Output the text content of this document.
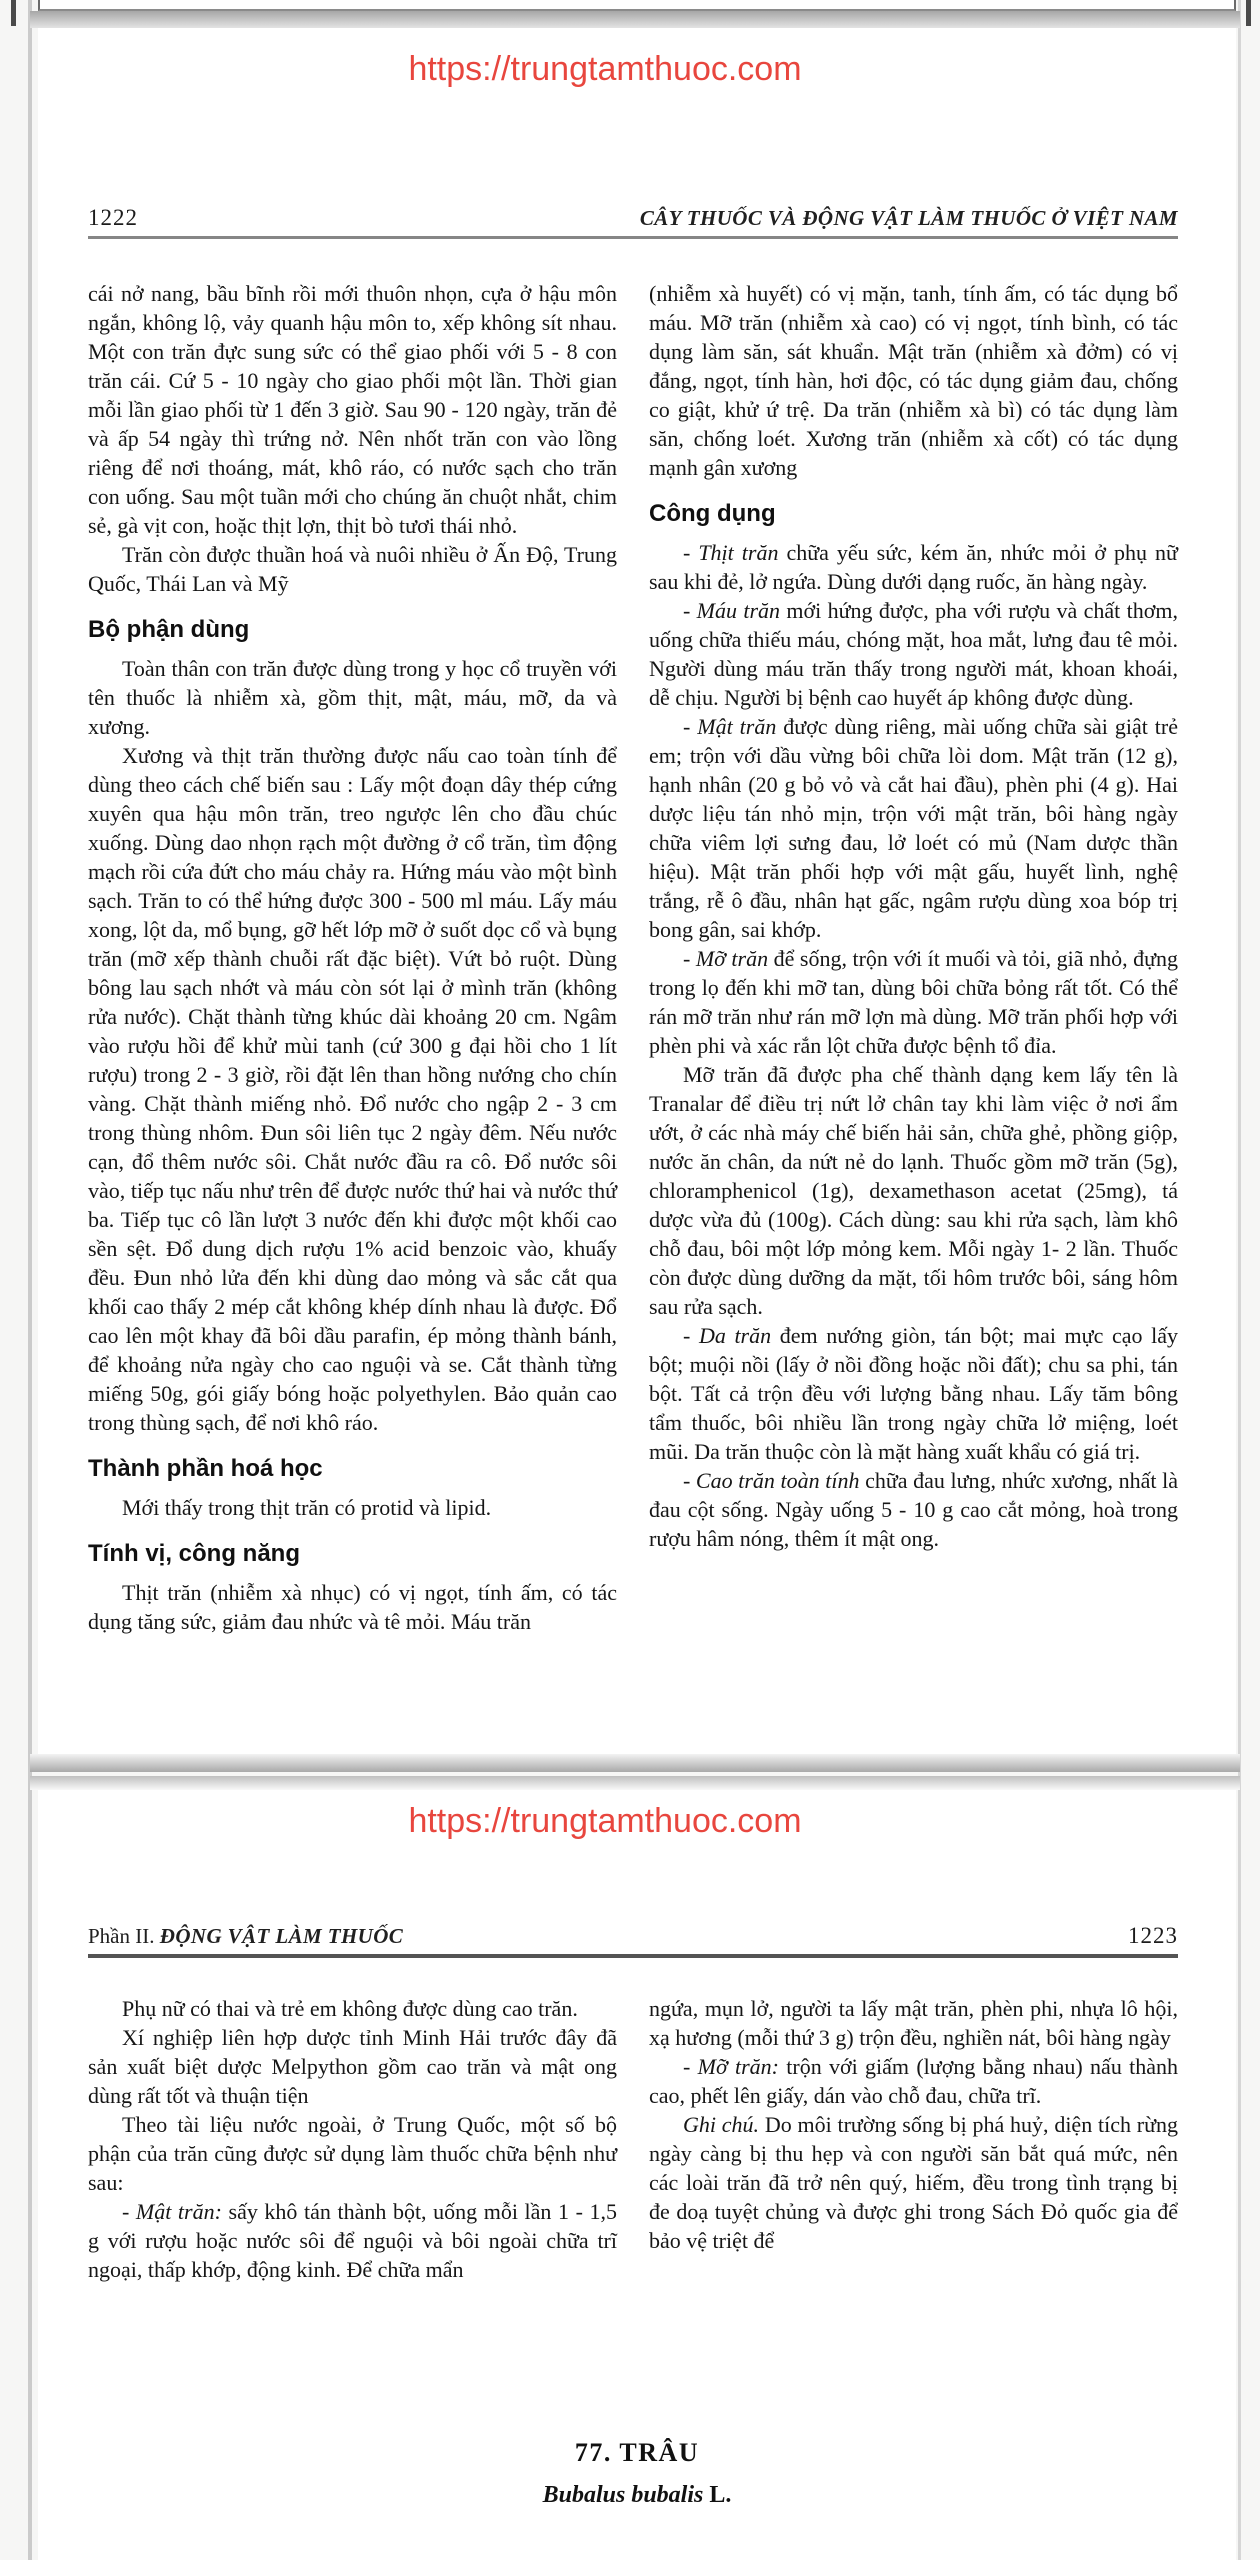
https://trungtamthuoc.com
1222	CÂY THUỐC VÀ ĐỘNG VẬT LÀM THUỐC Ở VIỆT NAM

cái nở nang, bầu bĩnh rồi mới thuôn nhọn, cựa ở hậu môn ngắn, không lộ, vảy quanh hậu môn to, xếp không sít nhau. Một con trăn đực sung sức có thể giao phối với 5 - 8 con trăn cái. Cứ 5 - 10 ngày cho giao phối một lần. Thời gian mỗi lần giao phối từ 1 đến 3 giờ. Sau 90 - 120 ngày, trăn đẻ và ấp 54 ngày thì trứng nở. Nên nhốt trăn con vào lồng riêng để nơi thoáng, mát, khô ráo, có nước sạch cho trăn con uống. Sau một tuần mới cho chúng ăn chuột nhắt, chim sẻ, gà vịt con, hoặc thịt lợn, thịt bò tươi thái nhỏ.

Trăn còn được thuần hoá và nuôi nhiều ở Ấn Độ, Trung Quốc, Thái Lan và Mỹ

Bộ phận dùng

Toàn thân con trăn được dùng trong y học cổ truyền với tên thuốc là nhiễm xà, gồm thịt, mật, máu, mỡ, da và xương.

Xương và thịt trăn thường được nấu cao toàn tính để dùng theo cách chế biến sau : Lấy một đoạn dây thép cứng xuyên qua hậu môn trăn, treo ngược lên cho đầu chúc xuống. Dùng dao nhọn rạch một đường ở cổ trăn, tìm động mạch rồi cứa đứt cho máu chảy ra. Hứng máu vào một bình sạch. Trăn to có thể hứng được 300 - 500 ml máu. Lấy máu xong, lột da, mổ bụng, gỡ hết lớp mỡ ở suốt dọc cổ và bụng trăn (mỡ xếp thành chuỗi rất đặc biệt). Vứt bỏ ruột. Dùng bông lau sạch nhớt và máu còn sót lại ở mình trăn (không rửa nước). Chặt thành từng khúc dài khoảng 20 cm. Ngâm vào rượu hồi để khử mùi tanh (cứ 300 g đại hồi cho 1 lít rượu) trong 2 - 3 giờ, rồi đặt lên than hồng nướng cho chín vàng. Chặt thành miếng nhỏ. Đổ nước cho ngập 2 - 3 cm trong thùng nhôm. Đun sôi liên tục 2 ngày đêm. Nếu nước cạn, đổ thêm nước sôi. Chắt nước đầu ra cô. Đổ nước sôi vào, tiếp tục nấu như trên để được nước thứ hai và nước thứ ba. Tiếp tục cô lần lượt 3 nước đến khi được một khối cao sền sệt. Đổ dung dịch rượu 1% acid benzoic vào, khuấy đều. Đun nhỏ lửa đến khi dùng dao mỏng và sắc cắt qua khối cao thấy 2 mép cắt không khép dính nhau là được. Đổ cao lên một khay đã bôi dầu parafin, ép mỏng thành bánh, để khoảng nửa ngày cho cao nguội và se. Cắt thành từng miếng 50g, gói giấy bóng hoặc polyethylen. Bảo quản cao trong thùng sạch, để nơi khô ráo.

Thành phần hoá học

Mới thấy trong thịt trăn có protid và lipid.

Tính vị, công năng

Thịt trăn (nhiễm xà nhục) có vị ngọt, tính ấm, có tác dụng tăng sức, giảm đau nhức và tê mỏi. Máu trăn

(nhiễm xà huyết) có vị mặn, tanh, tính ấm, có tác dụng bổ máu. Mỡ trăn (nhiễm xà cao) có vị ngọt, tính bình, có tác dụng làm săn, sát khuẩn. Mật trăn (nhiễm xà đởm) có vị đắng, ngọt, tính hàn, hơi độc, có tác dụng giảm đau, chống co giật, khử ứ trệ. Da trăn (nhiễm xà bì) có tác dụng làm săn, chống loét. Xương trăn (nhiễm xà cốt) có tác dụng mạnh gân xương

Công dụng

- Thịt trăn chữa yếu sức, kém ăn, nhức mỏi ở phụ nữ sau khi đẻ, lở ngứa. Dùng dưới dạng ruốc, ăn hàng ngày.

- Máu trăn mới hứng được, pha với rượu và chất thơm, uống chữa thiếu máu, chóng mặt, hoa mắt, lưng đau tê mỏi. Người dùng máu trăn thấy trong người mát, khoan khoái, dễ chịu. Người bị bệnh cao huyết áp không được dùng.

- Mật trăn được dùng riêng, mài uống chữa sài giật trẻ em; trộn với dầu vừng bôi chữa lòi dom. Mật trăn (12 g), hạnh nhân (20 g bỏ vỏ và cắt hai đầu), phèn phi (4 g). Hai dược liệu tán nhỏ mịn, trộn với mật trăn, bôi hàng ngày chữa viêm lợi sưng đau, lở loét có mủ (Nam dược thần hiệu). Mật trăn phối hợp với mật gấu, huyết lình, nghệ trắng, rễ ô đầu, nhân hạt gấc, ngâm rượu dùng xoa bóp trị bong gân, sai khớp.

- Mỡ trăn để sống, trộn với ít muối và tỏi, giã nhỏ, đựng trong lọ đến khi mỡ tan, dùng bôi chữa bỏng rất tốt. Có thể rán mỡ trăn như rán mỡ lợn mà dùng. Mỡ trăn phối hợp với phèn phi và xác rắn lột chữa được bệnh tổ đỉa.

Mỡ trăn đã được pha chế thành dạng kem lấy tên là Tranalar để điều trị nứt lở chân tay khi làm việc ở nơi ẩm ướt, ở các nhà máy chế biến hải sản, chữa ghẻ, phồng giộp, nước ăn chân, da nứt nẻ do lạnh. Thuốc gồm mỡ trăn (5g), chloramphenicol (1g), dexamethason acetat (25mg), tá dược vừa đủ (100g). Cách dùng: sau khi rửa sạch, làm khô chỗ đau, bôi một lớp mỏng kem. Mỗi ngày 1- 2 lần. Thuốc còn được dùng dưỡng da mặt, tối hôm trước bôi, sáng hôm sau rửa sạch.

- Da trăn đem nướng giòn, tán bột; mai mực cạo lấy bột; muội nồi (lấy ở nồi đồng hoặc nồi đất); chu sa phi, tán bột. Tất cả trộn đều với lượng bằng nhau. Lấy tăm bông tẩm thuốc, bôi nhiều lần trong ngày chữa lở miệng, loét mũi. Da trăn thuộc còn là mặt hàng xuất khẩu có giá trị.

- Cao trăn toàn tính chữa đau lưng, nhức xương, nhất là đau cột sống. Ngày uống 5 - 10 g cao cắt mỏng, hoà trong rượu hâm nóng, thêm ít mật ong.

https://trungtamthuoc.com
Phần II. ĐỘNG VẬT LÀM THUỐC	1223

Phụ nữ có thai và trẻ em không được dùng cao trăn.

Xí nghiệp liên hợp dược tỉnh Minh Hải trước đây đã sản xuất biệt dược Melpython gồm cao trăn và mật ong dùng rất tốt và thuận tiện

Theo tài liệu nước ngoài, ở Trung Quốc, một số bộ phận của trăn cũng được sử dụng làm thuốc chữa bệnh như sau:

- Mật trăn: sấy khô tán thành bột, uống mỗi lần 1 - 1,5 g với rượu hoặc nước sôi để nguội và bôi ngoài chữa trĩ ngoại, thấp khớp, động kinh. Để chữa mẩn

ngứa, mụn lở, người ta lấy mật trăn, phèn phi, nhựa lô hội, xạ hương (mỗi thứ 3 g) trộn đều, nghiền nát, bôi hàng ngày

- Mỡ trăn: trộn với giấm (lượng bằng nhau) nấu thành cao, phết lên giấy, dán vào chỗ đau, chữa trĩ.

Ghi chú. Do môi trường sống bị phá huỷ, diện tích rừng ngày càng bị thu hẹp và con người săn bắt quá mức, nên các loài trăn đã trở nên quý, hiếm, đều trong tình trạng bị đe doạ tuyệt chủng và được ghi trong Sách Đỏ quốc gia để bảo vệ triệt để

77. TRÂU

Bubalus bubalis L.
